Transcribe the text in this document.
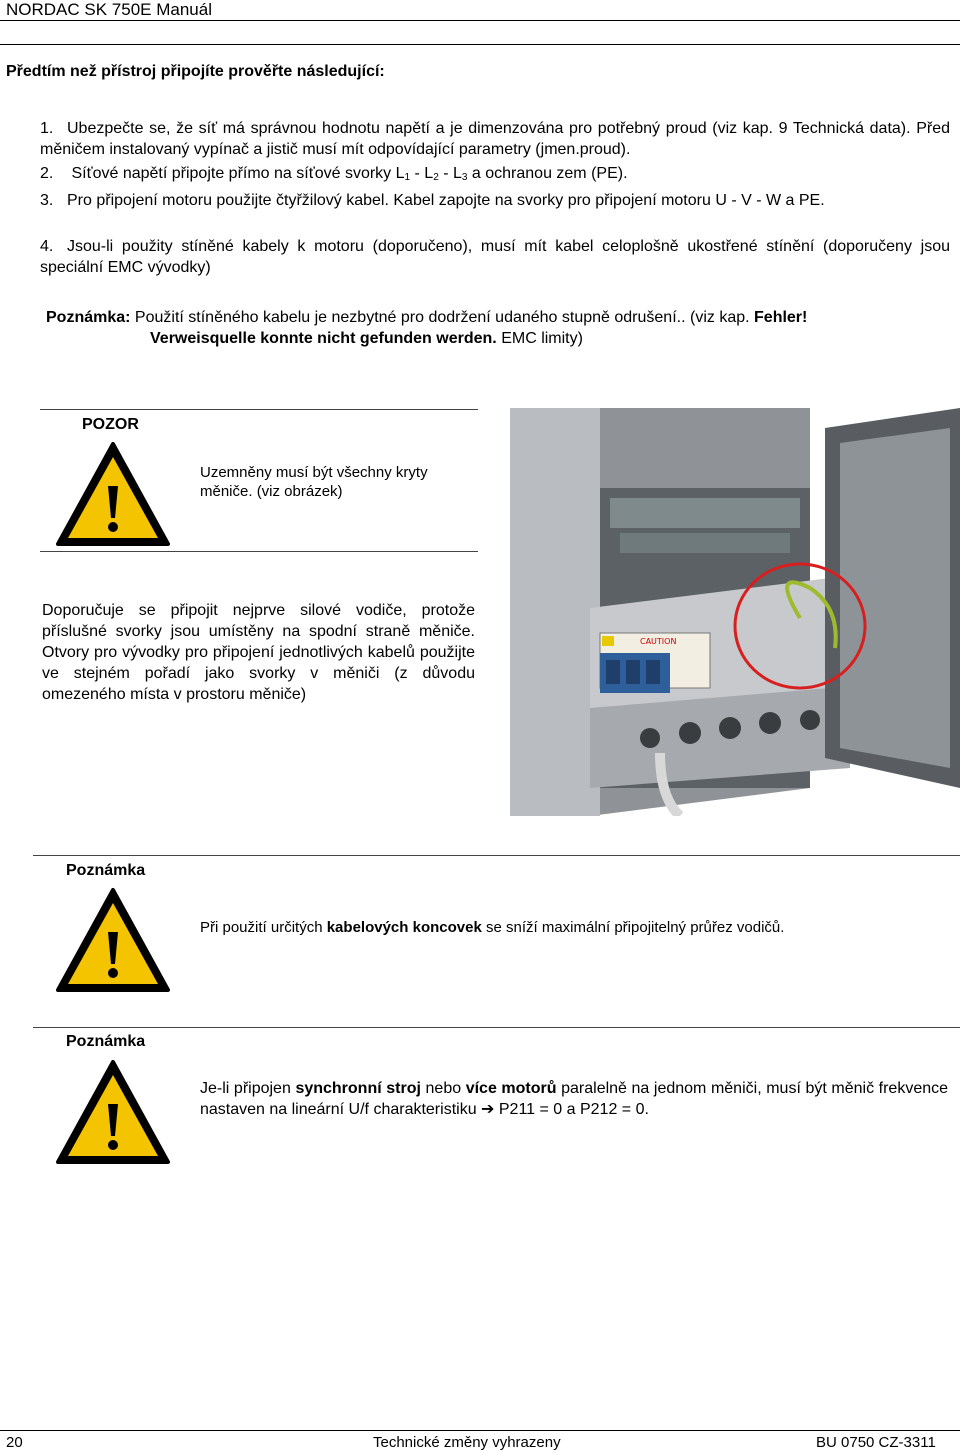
NORDAC SK 750E Manuál
Předtím než přístroj připojíte prověřte následující:
1. Ubezpečte se, že síť má správnou hodnotu napětí a je dimenzována pro potřebný proud (viz kap. 9 Technická data). Před měničem instalovaný vypínač a jistič musí mít odpovídající parametry (jmen.proud).
2. Síťové napětí připojte přímo na síťové svorky $L_1 - L_2 - L_3$ a ochranou zem (PE).
3. Pro připojení motoru použijte čtyřžilový kabel. Kabel zapojte na svorky pro připojení motoru U - V - W a PE.
4. Jsou-li použity stíněné kabely k motoru (doporučeno), musí mít kabel celoplošně ukostřené stínění (doporučeny jsou speciální EMC vývodky)
Poznámka: Použití stíněného kabelu je nezbytné pro dodržení udaného stupně odrušení.. (viz kap. Fehler!
Verweisquelle konnte nicht gefunden werden. EMC limity)
POZOR
Uzemněny musí být všechny kryty měniče. (viz obrázek)
Doporučuje se připojit nejprve silové vodiče, protože příslušné svorky jsou umístěny na spodní straně měniče. Otvory pro vývodky pro připojení jednotlivých kabelů použijte ve stejném pořadí jako svorky v měniči (z důvodu omezeného místa v prostoru měniče)
CAUTION
Poznámka
Při použití určitých kabelových koncovek se sníží maximální připojitelný průřez vodičů.
Poznámka
Je-li připojen synchronní stroj nebo více motorů paralelně na jednom měniči, musí být měnič frekvence nastaven na lineární U/f charakteristiku ➔ P211 = 0 a P212 = 0.
20	Technické změny vyhrazeny	BU 0750 CZ-3311
